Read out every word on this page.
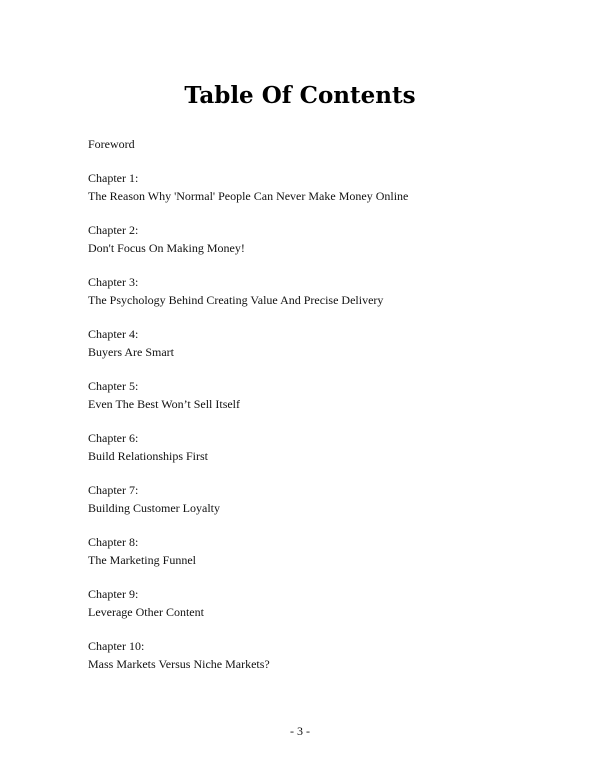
Table Of Contents
Foreword
Chapter 1:
The Reason Why 'Normal' People Can Never Make Money Online
Chapter 2:
Don't Focus On Making Money!
Chapter 3:
The Psychology Behind Creating Value And Precise Delivery
Chapter 4:
Buyers Are Smart
Chapter 5:
Even The Best Won’t Sell Itself
Chapter 6:
Build Relationships First
Chapter 7:
Building Customer Loyalty
Chapter 8:
The Marketing Funnel
Chapter 9:
Leverage Other Content
Chapter 10:
Mass Markets Versus Niche Markets?
- 3 -
